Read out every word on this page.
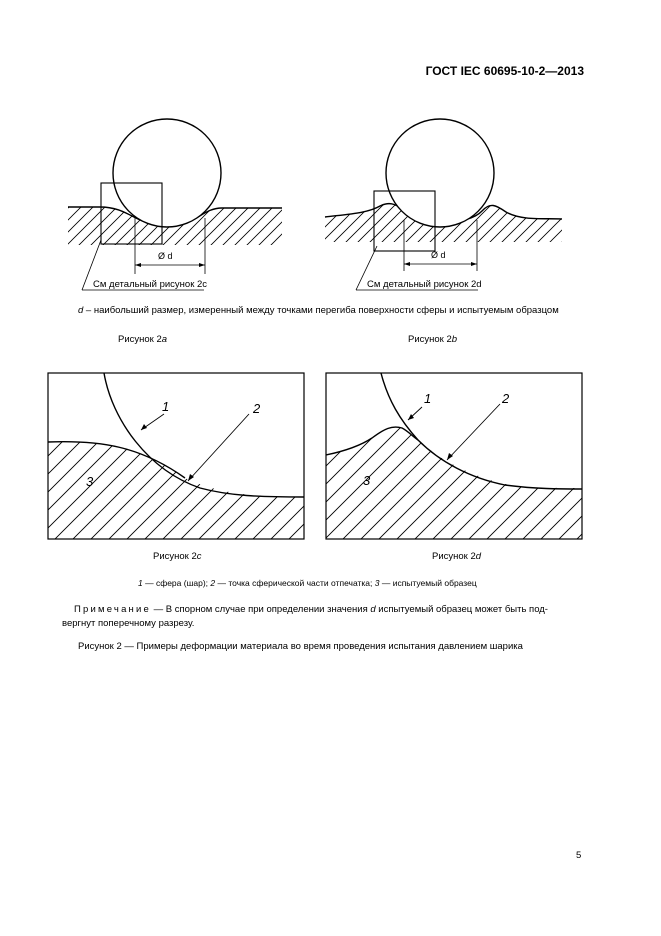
ГОСТ IEC 60695-10-2—2013
Ø d	Ø d
См детальный рисунок 2c	См детальный рисунок 2d
d – наибольший размер, измеренный между точками перегиба поверхности сферы и испытуемым образцом
Рисунок 2a	Рисунок 2b
1	2
3
1	2
3
Рисунок 2c	Рисунок 2d
1 — сфера (шар); 2 — точка сферической части отпечатка; 3 — испытуемый образец
Примечание — В спорном случае при определении значения d испытуемый образец может быть под-
вергнут поперечному разрезу.
Рисунок 2 — Примеры деформации материала во время проведения испытания давлением шарика
5
